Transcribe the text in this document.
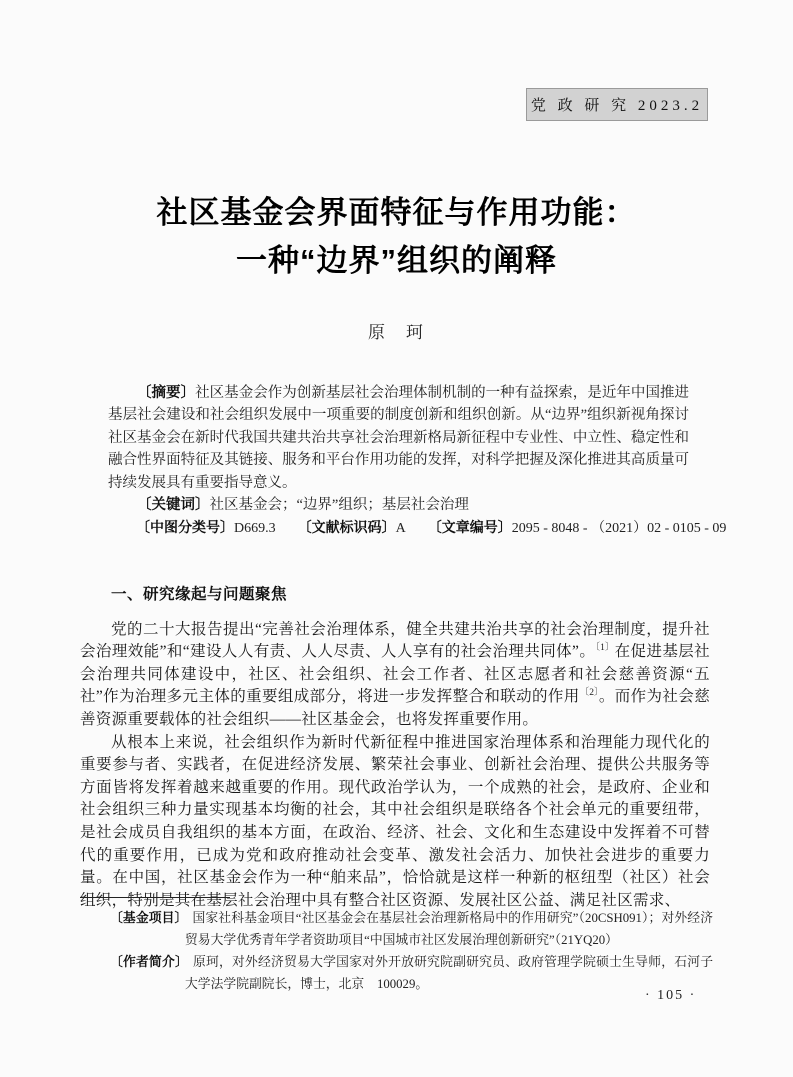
党 政 研 究 2023.2
社区基金会界面特征与作用功能：
一种“边界”组织的阐释
原　珂

〔摘要〕社区基金会作为创新基层社会治理体制机制的一种有益探索，是近年中国推进基层社会建设和社会组织发展中一项重要的制度创新和组织创新。从“边界”组织新视角探讨社区基金会在新时代我国共建共治共享社会治理新格局新征程中专业性、中立性、稳定性和融合性界面特征及其链接、服务和平台作用功能的发挥，对科学把握及深化推进其高质量可持续发展具有重要指导意义。

〔关键词〕社区基金会；“边界”组织；基层社会治理

〔中图分类号〕D669.3 〔文献标识码〕A 〔文章编号〕2095 - 8048 - （2021）02 - 0105 - 09

一、研究缘起与问题聚焦

党的二十大报告提出“完善社会治理体系，健全共建共治共享的社会治理制度，提升社会治理效能”和“建设人人有责、人人尽责、人人享有的社会治理共同体”。$^{〔1〕}$在促进基层社会治理共同体建设中，社区、社会组织、社会工作者、社区志愿者和社会慈善资源“五社”作为治理多元主体的重要组成部分，将进一步发挥整合和联动的作用$^{〔2〕}$。而作为社会慈善资源重要载体的社会组织——社区基金会，也将发挥重要作用。

从根本上来说，社会组织作为新时代新征程中推进国家治理体系和治理能力现代化的重要参与者、实践者，在促进经济发展、繁荣社会事业、创新社会治理、提供公共服务等方面皆将发挥着越来越重要的作用。现代政治学认为，一个成熟的社会，是政府、企业和社会组织三种力量实现基本均衡的社会，其中社会组织是联络各个社会单元的重要纽带，是社会成员自我组织的基本方面，在政治、经济、社会、文化和生态建设中发挥着不可替代的重要作用，已成为党和政府推动社会变革、激发社会活力、加快社会进步的重要力量。在中国，社区基金会作为一种“舶来品”，恰恰就是这样一种新的枢纽型（社区）社会组织，特别是其在基层社会治理中具有整合社区资源、发展社区公益、满足社区需求、

〔基金项目〕 国家社科基金项目“社区基金会在基层社会治理新格局中的作用研究”（20CSH091）；对外经济贸易大学优秀青年学者资助项目“中国城市社区发展治理创新研究”（21YQ20）

〔作者简介〕 原珂，对外经济贸易大学国家对外开放研究院副研究员、政府管理学院硕士生导师，石河子大学法学院副院长，博士，北京　100029。

· 105 ·
